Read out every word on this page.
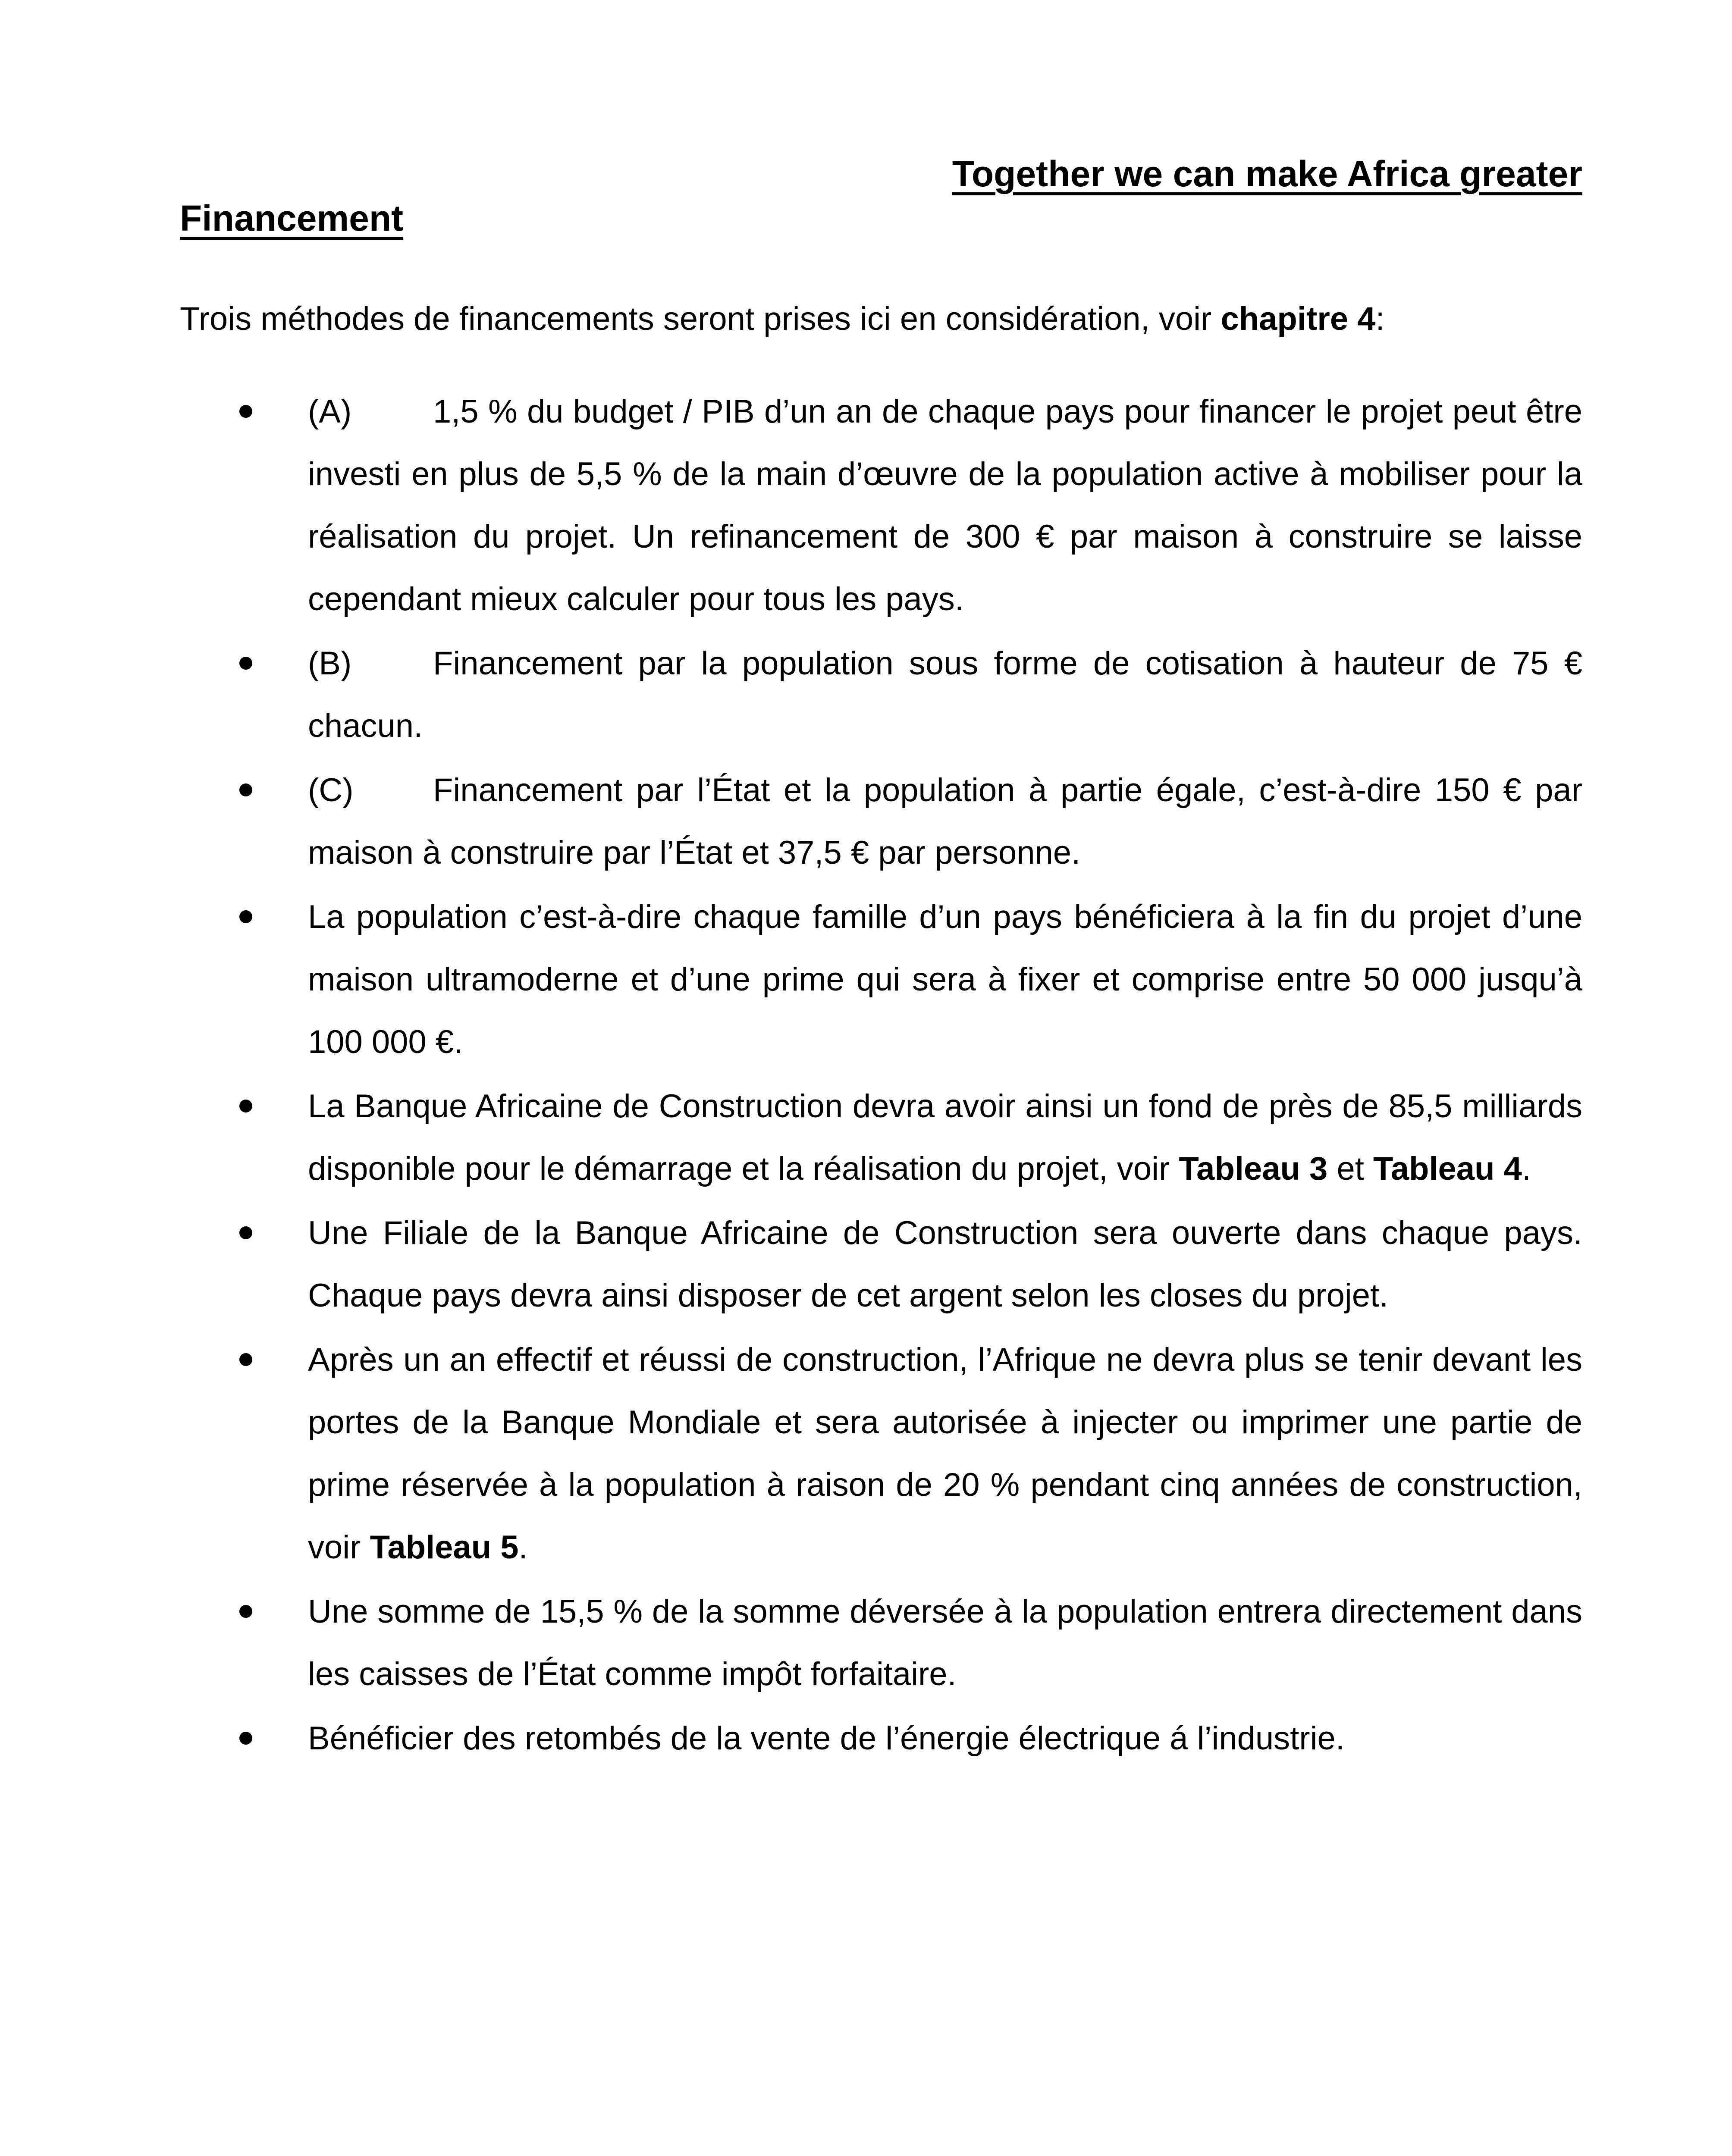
Together we can make Africa greater
Financement
Trois méthodes de financements seront prises ici en considération, voir chapitre 4:
(A) 1,5 % du budget / PIB d’un an de chaque pays pour financer le projet peut être investi en plus de 5,5 % de la main d’œuvre de la population active à mobiliser pour la réalisation du projet. Un refinancement de 300 € par maison à construire se laisse cependant mieux calculer pour tous les pays.
(B) Financement par la population sous forme de cotisation à hauteur de 75 € chacun.
(C) Financement par l’État et la population à partie égale, c’est-à-dire 150 € par maison à construire par l’État et 37,5 € par personne.
La population c’est-à-dire chaque famille d’un pays bénéficiera à la fin du projet d’une maison ultramoderne et d’une prime qui sera à fixer et comprise entre 50 000 jusqu’à 100 000 €.
La Banque Africaine de Construction devra avoir ainsi un fond de près de 85,5 milliards disponible pour le démarrage et la réalisation du projet, voir Tableau 3 et Tableau 4.
Une Filiale de la Banque Africaine de Construction sera ouverte dans chaque pays. Chaque pays devra ainsi disposer de cet argent selon les closes du projet.
Après un an effectif et réussi de construction, l’Afrique ne devra plus se tenir devant les portes de la Banque Mondiale et sera autorisée à injecter ou imprimer une partie de prime réservée à la population à raison de 20 % pendant cinq années de construction, voir Tableau 5.
Une somme de 15,5 % de la somme déversée à la population entrera directement dans les caisses de l’État comme impôt forfaitaire.
Bénéficier des retombés de la vente de l’énergie électrique á l’industrie.
